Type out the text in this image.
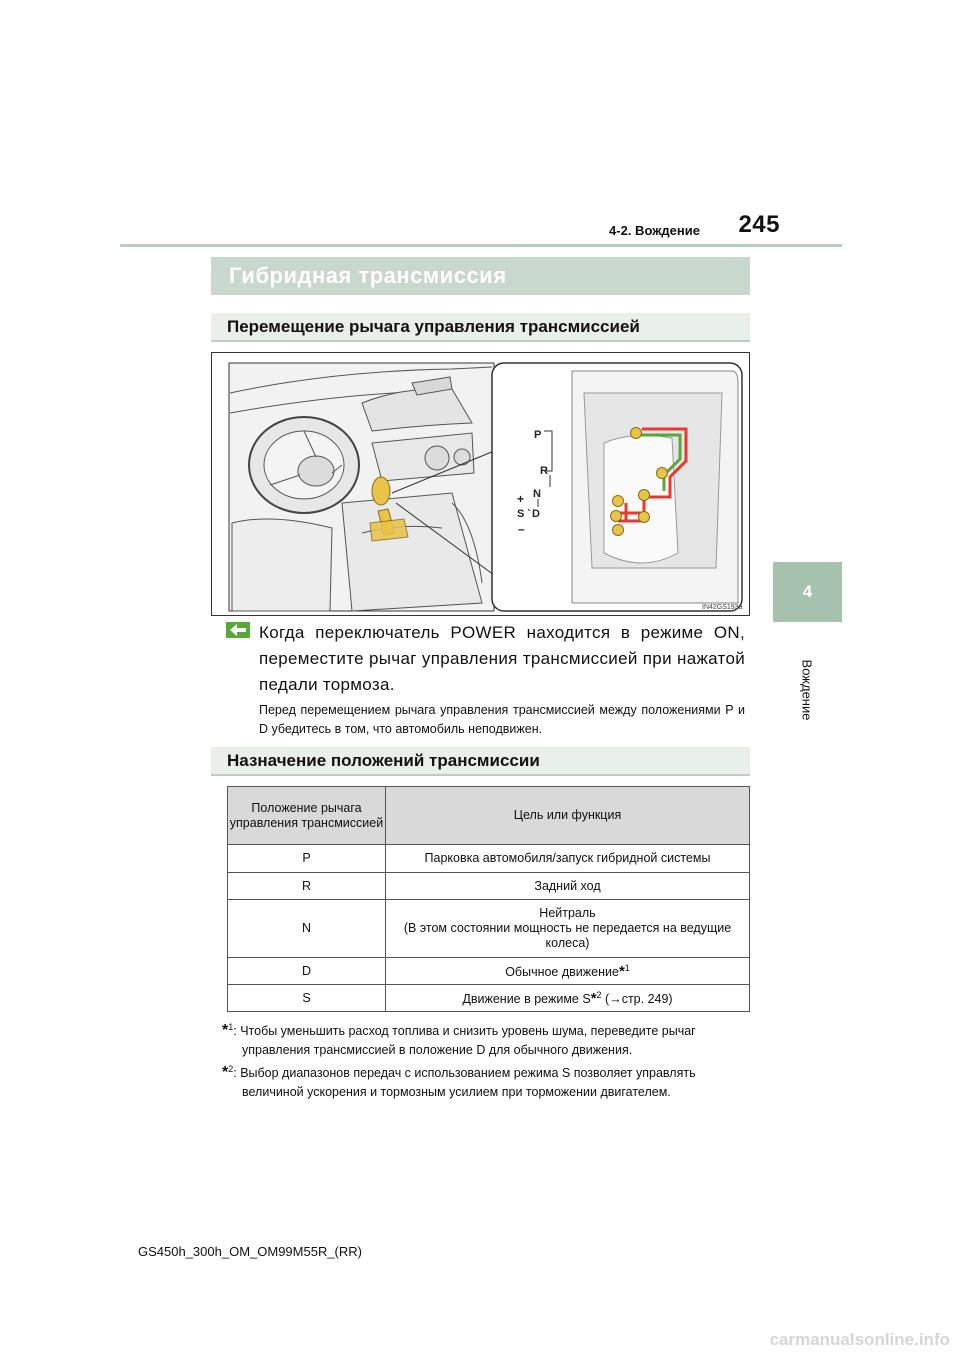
4-2. Вождение	245
4
Вождение
Гибридная трансмиссия
Перемещение рычага управления трансмиссией
P
R
N
D
S
+
–
IN42GS193a
Когда переключатель POWER находится в режиме ON, переместите рычаг управления трансмиссией при нажатой педали тормоза.
Перед перемещением рычага управления трансмиссией между положениями P и D убедитесь в том, что автомобиль неподвижен.
Назначение положений трансмиссии
Положение рычага управления трансмиссией	Цель или функция
P	Парковка автомобиля/запуск гибридной системы
R	Задний ход
N	Нейтраль
(В этом состоянии мощность не передается на ведущие колеса)
D	Обычное движение*$^1$
S	Движение в режиме S*$^2$ (→стр. 249)
*$^1$: Чтобы уменьшить расход топлива и снизить уровень шума, переведите рычаг
управления трансмиссией в положение D для обычного движения.
*$^2$: Выбор диапазонов передач с использованием режима S позволяет управлять
величиной ускорения и тормозным усилием при торможении двигателем.
GS450h_300h_OM_OM99M55R_(RR)
carmanualsonline.info
